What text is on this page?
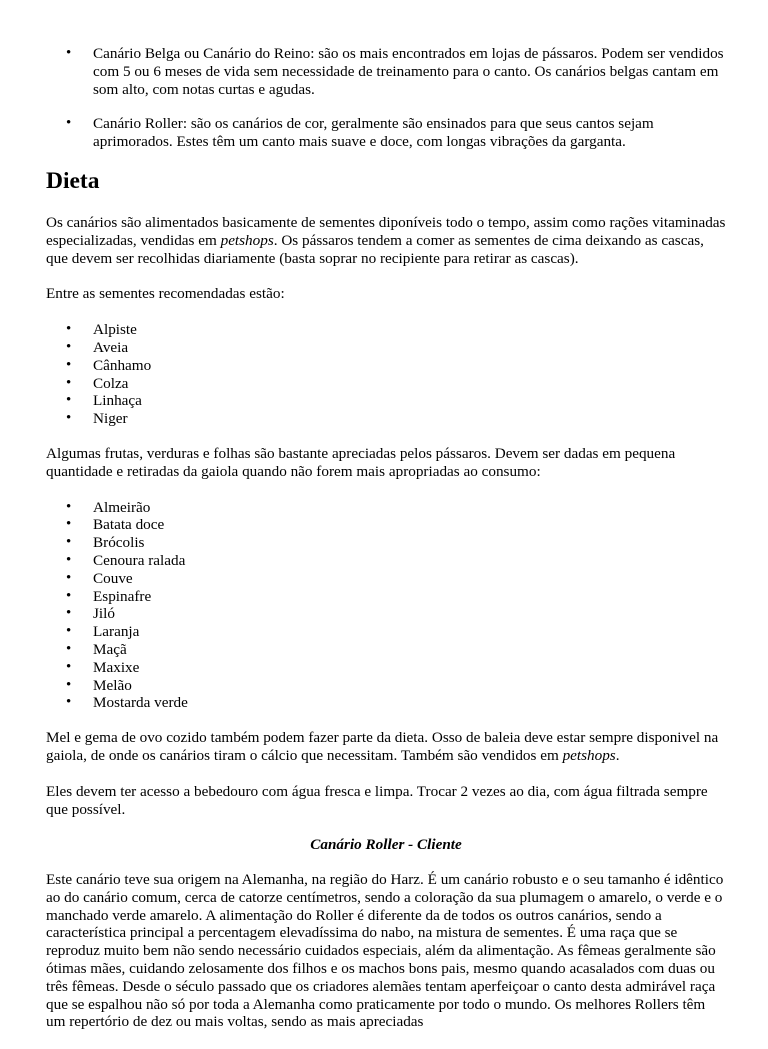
• Canário Belga ou Canário do Reino: são os mais encontrados em lojas de pássaros. Podem ser vendidos com 5 ou 6 meses de vida sem necessidade de treinamento para o canto. Os canários belgas cantam em som alto, com notas curtas e agudas.
• Canário Roller: são os canários de cor, geralmente são ensinados para que seus cantos sejam aprimorados. Estes têm um canto mais suave e doce, com longas vibrações da garganta.
Dieta

Os canários são alimentados basicamente de sementes diponíveis todo o tempo, assim como rações vitaminadas especializadas, vendidas em petshops. Os pássaros tendem a comer as sementes de cima deixando as cascas, que devem ser recolhidas diariamente (basta soprar no recipiente para retirar as cascas).

Entre as sementes recomendadas estão:

• Alpiste
• Aveia
• Cânhamo
• Colza
• Linhaça
• Niger

Algumas frutas, verduras e folhas são bastante apreciadas pelos pássaros. Devem ser dadas em pequena quantidade e retiradas da gaiola quando não forem mais apropriadas ao consumo:

• Almeirão
• Batata doce
• Brócolis
• Cenoura ralada
• Couve
• Espinafre
• Jiló
• Laranja
• Maçã
• Maxixe
• Melão
• Mostarda verde

Mel e gema de ovo cozido também podem fazer parte da dieta. Osso de baleia deve estar sempre disponivel na gaiola, de onde os canários tiram o cálcio que necessitam. Também são vendidos em petshops.

Eles devem ter acesso a bebedouro com água fresca e limpa. Trocar 2 vezes ao dia, com água filtrada sempre que possível.

Canário Roller - Cliente

Este canário teve sua origem na Alemanha, na região do Harz. É um canário robusto e o seu tamanho é idêntico ao do canário comum, cerca de catorze centímetros, sendo a coloração da sua plumagem o amarelo, o verde e o manchado verde amarelo. A alimentação do Roller é diferente da de todos os outros canários, sendo a característica principal a percentagem elevadíssima do nabo, na mistura de sementes. É uma raça que se reproduz muito bem não sendo necessário cuidados especiais, além da alimentação. As fêmeas geralmente são ótimas mães, cuidando zelosamente dos filhos e os machos bons pais, mesmo quando acasalados com duas ou três fêmeas. Desde o século passado que os criadores alemães tentam aperfeiçoar o canto desta admirável raça que se espalhou não só por toda a Alemanha como praticamente por todo o mundo. Os melhores Rollers têm um repertório de dez ou mais voltas, sendo as mais apreciadas
